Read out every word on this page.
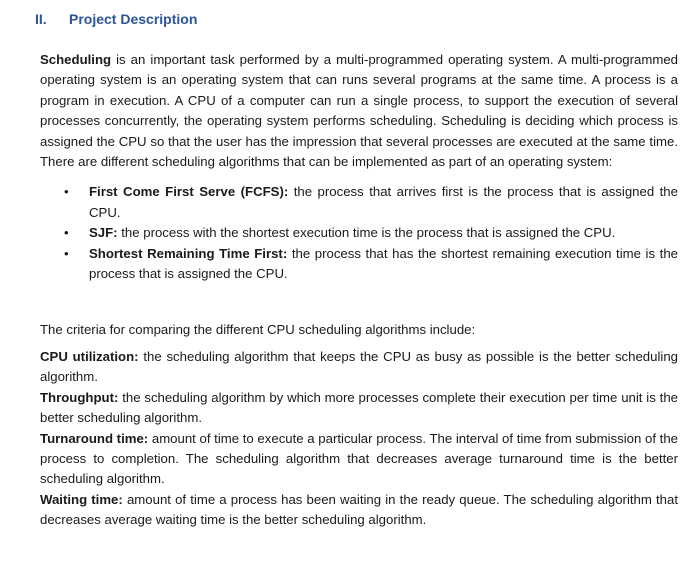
II.	Project Description

Scheduling is an important task performed by a multi-programmed operating system. A multi-programmed operating system is an operating system that can runs several programs at the same time. A process is a program in execution. A CPU of a computer can run a single process, to support the execution of several processes concurrently, the operating system performs scheduling. Scheduling is deciding which process is assigned the CPU so that the user has the impression that several processes are executed at the same time. There are different scheduling algorithms that can be implemented as part of an operating system:

• First Come First Serve (FCFS): the process that arrives first is the process that is assigned the CPU.
• SJF: the process with the shortest execution time is the process that is assigned the CPU.
• Shortest Remaining Time First: the process that has the shortest remaining execution time is the process that is assigned the CPU.

The criteria for comparing the different CPU scheduling algorithms include:

CPU utilization: the scheduling algorithm that keeps the CPU as busy as possible is the better scheduling algorithm.

Throughput: the scheduling algorithm by which more processes complete their execution per time unit is the better scheduling algorithm.

Turnaround time: amount of time to execute a particular process. The interval of time from submission of the process to completion. The scheduling algorithm that decreases average turnaround time is the better scheduling algorithm.

Waiting time: amount of time a process has been waiting in the ready queue. The scheduling algorithm that decreases average waiting time is the better scheduling algorithm.
